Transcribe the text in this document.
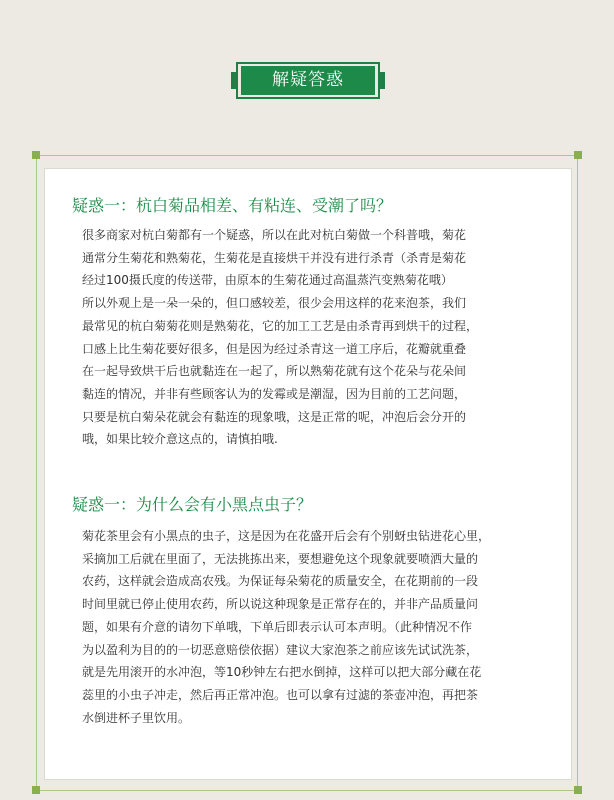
解疑答惑
疑惑一：杭白菊品相差、有粘连、受潮了吗？
很多商家对杭白菊都有一个疑惑，所以在此对杭白菊做一个科普哦，菊花
通常分生菊花和熟菊花，生菊花是直接烘干并没有进行杀青（杀青是菊花
经过100摄氏度的传送带，由原本的生菊花通过高温蒸汽变熟菊花哦）
所以外观上是一朵一朵的，但口感较差，很少会用这样的花来泡茶，我们
最常见的杭白菊菊花则是熟菊花，它的加工工艺是由杀青再到烘干的过程，
口感上比生菊花要好很多，但是因为经过杀青这一道工序后，花瓣就重叠
在一起导致烘干后也就黏连在一起了，所以熟菊花就有这个花朵与花朵间
黏连的情况，并非有些顾客认为的发霉或是潮湿，因为目前的工艺问题，
只要是杭白菊朵花就会有黏连的现象哦，这是正常的呢，冲泡后会分开的
哦，如果比较介意这点的，请慎拍哦.
疑惑一：为什么会有小黑点虫子？
菊花茶里会有小黑点的虫子，这是因为在花盛开后会有个别蚜虫钻进花心里，
采摘加工后就在里面了，无法挑拣出来，要想避免这个现象就要喷洒大量的
农药，这样就会造成高农残。为保证每朵菊花的质量安全，在花期前的一段
时间里就已停止使用农药，所以说这种现象是正常存在的，并非产品质量问
题，如果有介意的请勿下单哦，下单后即表示认可本声明。（此种情况不作
为以盈利为目的的一切恶意赔偿依据）建议大家泡茶之前应该先试试洗茶，
就是先用滚开的水冲泡，等10秒钟左右把水倒掉，这样可以把大部分藏在花
蕊里的小虫子冲走，然后再正常冲泡。也可以拿有过滤的茶壶冲泡，再把茶
水倒进杯子里饮用。
